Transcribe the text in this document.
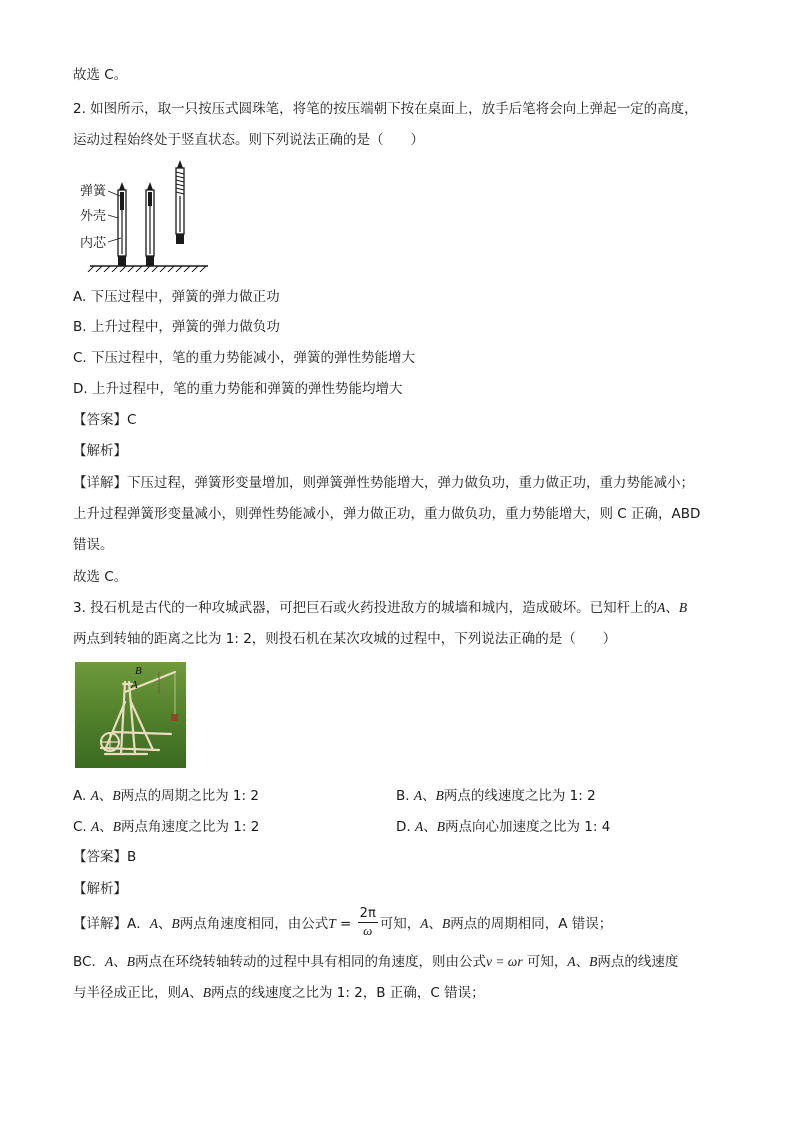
故选 C。
2. 如图所示，取一只按压式圆珠笔，将笔的按压端朝下按在桌面上，放手后笔将会向上弹起一定的高度，
运动过程始终处于竖直状态。则下列说法正确的是（　　）
弹簧
外壳
内芯
A. 下压过程中，弹簧的弹力做正功
B. 上升过程中，弹簧的弹力做负功
C. 下压过程中，笔的重力势能减小，弹簧的弹性势能增大
D. 上升过程中，笔的重力势能和弹簧的弹性势能均增大
【答案】C
【解析】
【详解】下压过程，弹簧形变量增加，则弹簧弹性势能增大，弹力做负功，重力做正功，重力势能减小；
上升过程弹簧形变量减小，则弹性势能减小，弹力做正功，重力做负功，重力势能增大，则 C 正确，ABD
错误。
故选 C。
3. 投石机是古代的一种攻城武器，可把巨石或火药投进敌方的城墙和城内，造成破坏。已知杆上的A、B
两点到转轴的距离之比为 1: 2，则投石机在某次攻城的过程中，下列说法正确的是（　　）
B
A
A. A、B两点的周期之比为 1: 2	B. A、B两点的线速度之比为 1: 2
C. A、B两点角速度之比为 1: 2	D. A、B两点向心加速度之比为 1: 4
【答案】B
【解析】
【详解】A．A、B两点角速度相同，由公式$T = \frac{2\pi}{\omega}$ 可知，A、B两点的周期相同，A 错误；
BC．A、B两点在环绕转轴转动的过程中具有相同的角速度，则由公式v = ωr 可知，A、B两点的线速度
与半径成正比，则A、B两点的线速度之比为 1: 2，B 正确，C 错误；
